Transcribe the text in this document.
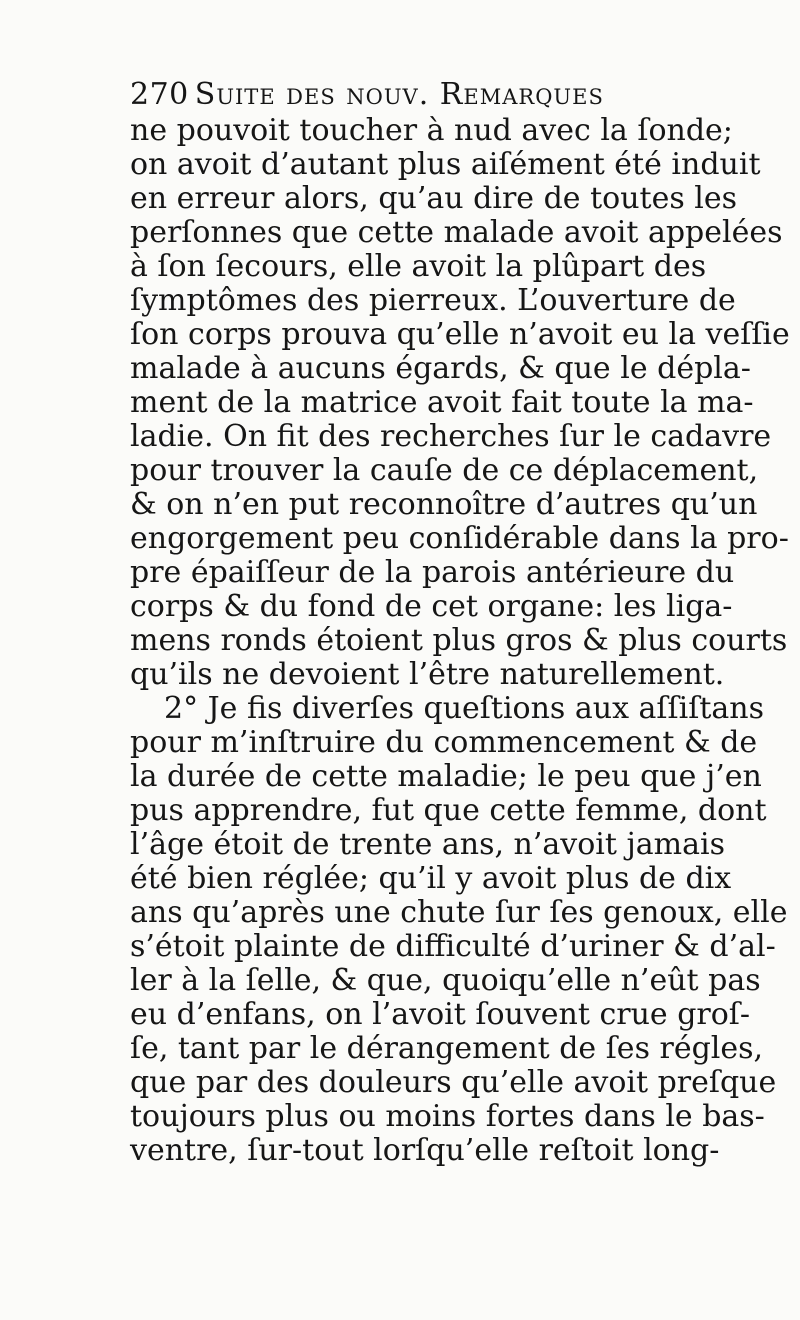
270 Suite des nouv. Remarques
ne pouvoit toucher à nud avec la ſonde;
on avoit d’autant plus aiſément été induit
en erreur alors, qu’au dire de toutes les
perſonnes que cette malade avoit appelées
à ſon ſecours, elle avoit la plûpart des
ſymptômes des pierreux. L’ouverture de
ſon corps prouva qu’elle n’avoit eu la veſſie
malade à aucuns égards, & que le dépla-
ment de la matrice avoit fait toute la ma-
ladie. On fit des recherches ſur le cadavre
pour trouver la cauſe de ce déplacement,
& on n’en put reconnoître d’autres qu’un
engorgement peu conſidérable dans la pro-
pre épaiſſeur de la parois antérieure du
corps & du fond de cet organe: les liga-
mens ronds étoient plus gros & plus courts
qu’ils ne devoient l’être naturellement.
2° Je fis diverſes queſtions aux aſſiſtans
pour m’inſtruire du commencement & de
la durée de cette maladie; le peu que j’en
pus apprendre, fut que cette femme, dont
l’âge étoit de trente ans, n’avoit jamais
été bien réglée; qu’il y avoit plus de dix
ans qu’après une chute ſur ſes genoux, elle
s’étoit plainte de difficulté d’uriner & d’al-
ler à la ſelle, & que, quoiqu’elle n’eût pas
eu d’enfans, on l’avoit ſouvent crue groſ-
ſe, tant par le dérangement de ſes régles,
que par des douleurs qu’elle avoit preſque
toujours plus ou moins fortes dans le bas-
ventre, ſur-tout lorſqu’elle reſtoit long-
